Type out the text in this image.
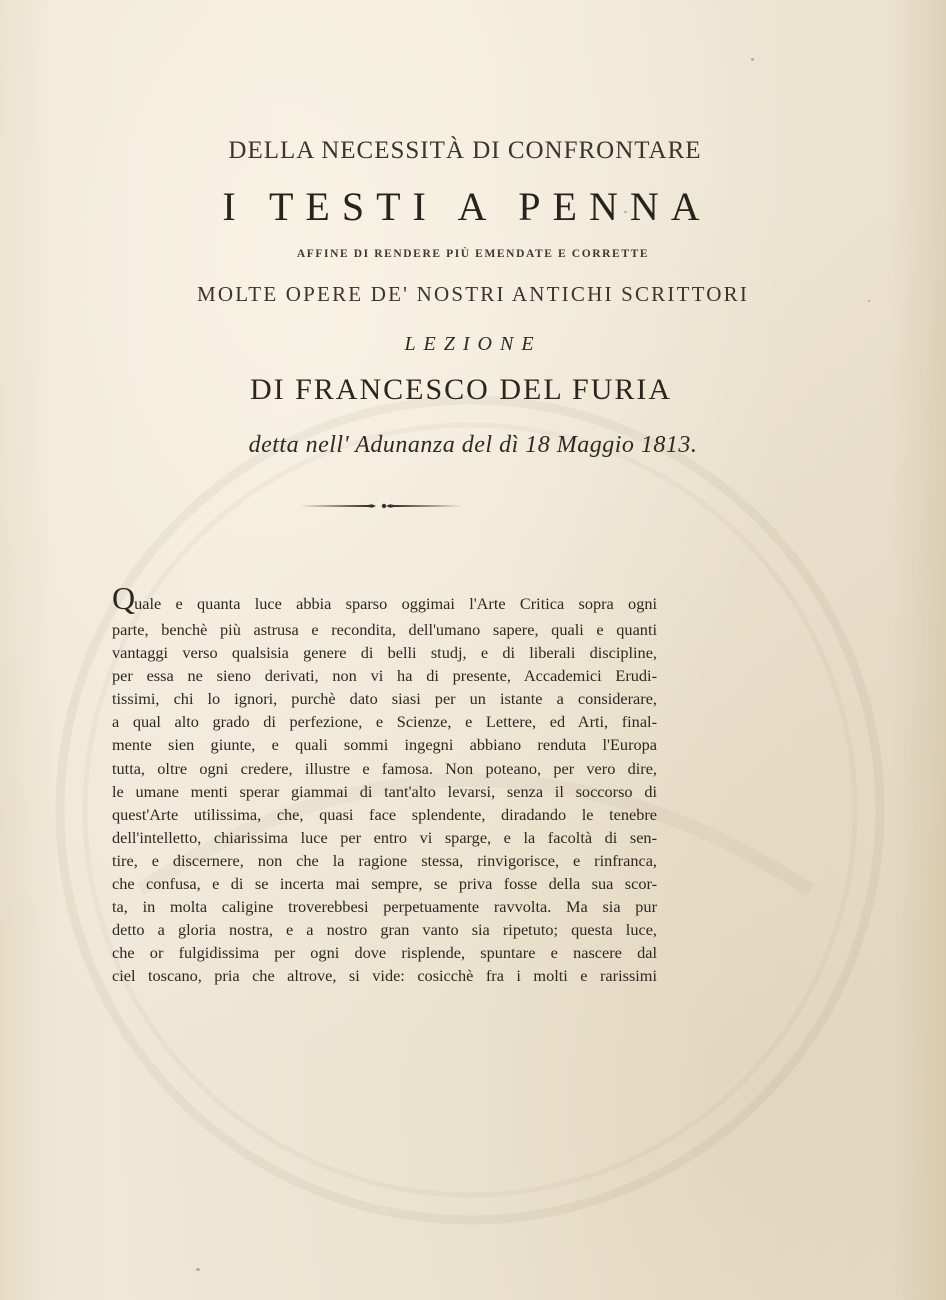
DELLA NECESSITÀ DI CONFRONTARE
I TESTI A PENNA
AFFINE DI RENDERE PIÙ EMENDATE E CORRETTE
MOLTE OPERE DE' NOSTRI ANTICHI SCRITTORI
LEZIONE
DI FRANCESCO DEL FURIA
detta nell' Adunanza del dì 18 Maggio 1813.
Quale e quanta luce abbia sparso oggimai l'Arte Critica sopra ogni
parte, benchè più astrusa e recondita, dell'umano sapere, quali e quanti
vantaggi verso qualsisia genere di belli studj, e di liberali discipline,
per essa ne sieno derivati, non vi ha di presente, Accademici Erudi-
tissimi, chi lo ignori, purchè dato siasi per un istante a considerare,
a qual alto grado di perfezione, e Scienze, e Lettere, ed Arti, final-
mente sien giunte, e quali sommi ingegni abbiano renduta l'Europa
tutta, oltre ogni credere, illustre e famosa. Non poteano, per vero dire,
le umane menti sperar giammai di tant'alto levarsi, senza il soccorso di
quest'Arte utilissima, che, quasi face splendente, diradando le tenebre
dell'intelletto, chiarissima luce per entro vi sparge, e la facoltà di sen-
tire, e discernere, non che la ragione stessa, rinvigorisce, e rinfranca,
che confusa, e di se incerta mai sempre, se priva fosse della sua scor-
ta, in molta caligine troverebbesi perpetuamente ravvolta. Ma sia pur
detto a gloria nostra, e a nostro gran vanto sia ripetuto; questa luce,
che or fulgidissima per ogni dove risplende, spuntare e nascere dal
ciel toscano, pria che altrove, si vide: cosicchè fra i molti e rarissimi
